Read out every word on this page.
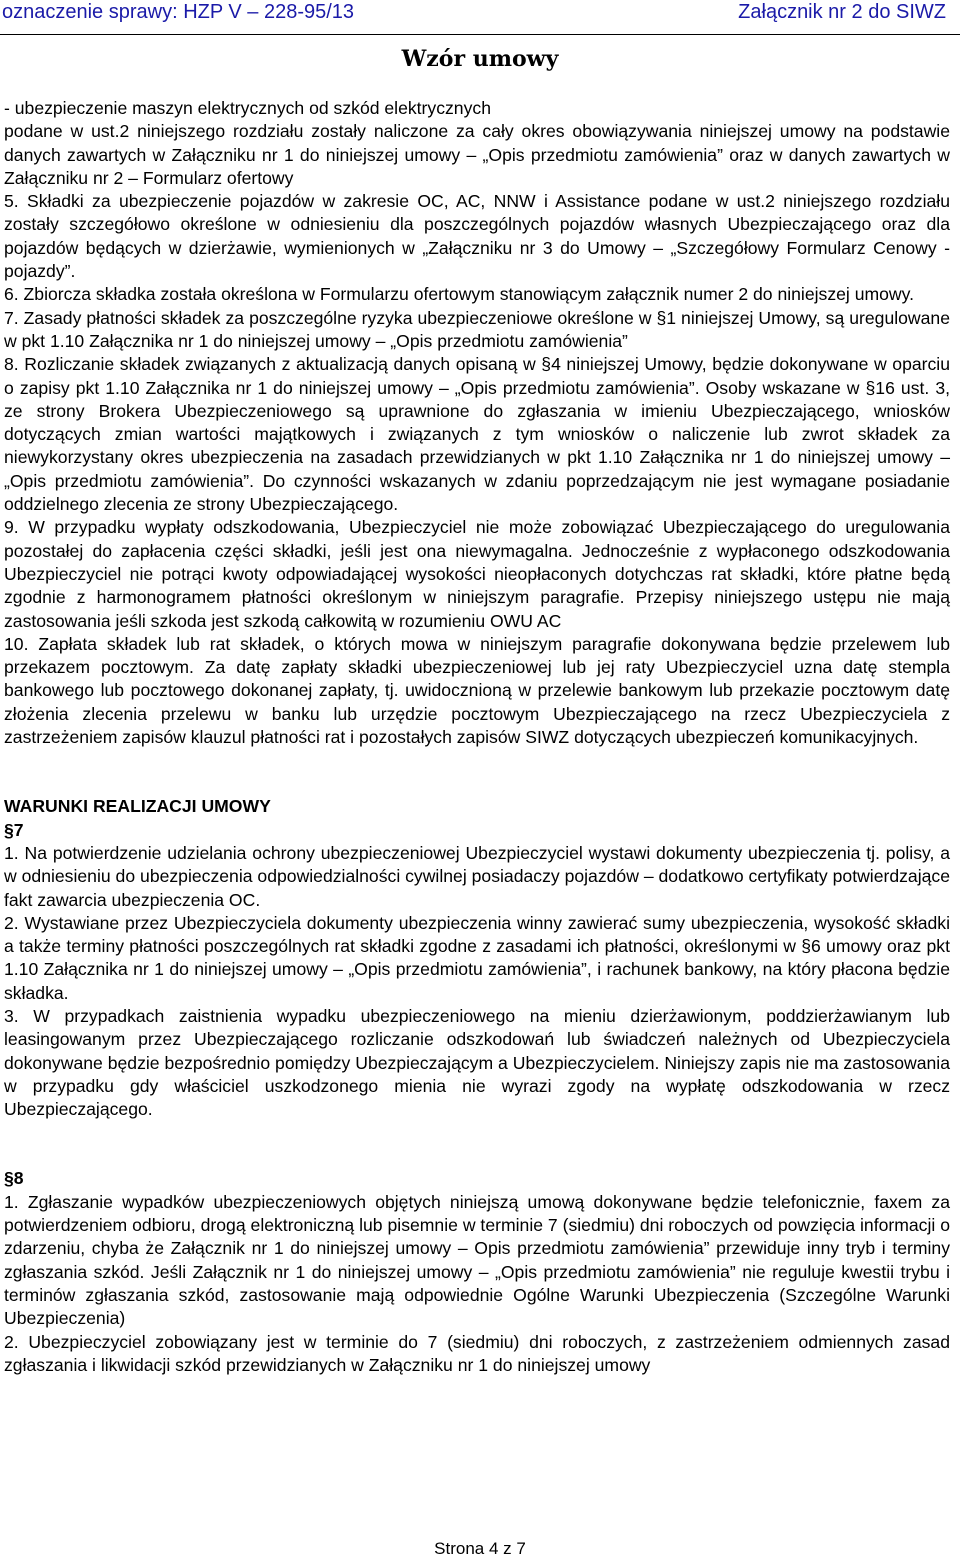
oznaczenie sprawy: HZP V – 228-95/13	Załącznik nr 2 do SIWZ
Wzór umowy

- ubezpieczenie maszyn elektrycznych od szkód elektrycznych

podane w ust.2 niniejszego rozdziału zostały naliczone za cały okres obowiązywania niniejszej umowy na podstawie danych zawartych w Załączniku nr 1 do niniejszej umowy – „Opis przedmiotu zamówienia” oraz w danych zawartych w Załączniku nr 2 – Formularz ofertowy

5. Składki za ubezpieczenie pojazdów w zakresie OC, AC, NNW i Assistance podane w ust.2 niniejszego rozdziału zostały szczegółowo określone w odniesieniu dla poszczególnych pojazdów własnych Ubezpieczającego oraz dla pojazdów będących w dzierżawie, wymienionych w „Załączniku nr 3 do Umowy – „Szczegółowy Formularz Cenowy - pojazdy”.

6. Zbiorcza składka została określona w Formularzu ofertowym stanowiącym załącznik numer 2 do niniejszej umowy.

7. Zasady płatności składek za poszczególne ryzyka ubezpieczeniowe określone w §1 niniejszej Umowy, są uregulowane w pkt 1.10 Załącznika nr 1 do niniejszej umowy – „Opis przedmiotu zamówienia”

8. Rozliczanie składek związanych z aktualizacją danych opisaną w §4 niniejszej Umowy, będzie dokonywane w oparciu o zapisy pkt 1.10 Załącznika nr 1 do niniejszej umowy – „Opis przedmiotu zamówienia”. Osoby wskazane w §16 ust. 3, ze strony Brokera Ubezpieczeniowego są uprawnione do zgłaszania w imieniu Ubezpieczającego, wniosków dotyczących zmian wartości majątkowych i związanych z tym wniosków o naliczenie lub zwrot składek za niewykorzystany okres ubezpieczenia na zasadach przewidzianych w pkt 1.10 Załącznika nr 1 do niniejszej umowy – „Opis przedmiotu zamówienia”. Do czynności wskazanych w zdaniu poprzedzającym nie jest wymagane posiadanie oddzielnego zlecenia ze strony Ubezpieczającego.

9. W przypadku wypłaty odszkodowania, Ubezpieczyciel nie może zobowiązać Ubezpieczającego do uregulowania pozostałej do zapłacenia części składki, jeśli jest ona niewymagalna. Jednocześnie z wypłaconego odszkodowania Ubezpieczyciel nie potrąci kwoty odpowiadającej wysokości nieopłaconych dotychczas rat składki, które płatne będą zgodnie z harmonogramem płatności określonym w niniejszym paragrafie. Przepisy niniejszego ustępu nie mają zastosowania jeśli szkoda jest szkodą całkowitą w rozumieniu OWU AC

10. Zapłata składek lub rat składek, o których mowa w niniejszym paragrafie dokonywana będzie przelewem lub przekazem pocztowym. Za datę zapłaty składki ubezpieczeniowej lub jej raty Ubezpieczyciel uzna datę stempla bankowego lub pocztowego dokonanej zapłaty, tj. uwidocznioną w przelewie bankowym lub przekazie pocztowym datę złożenia zlecenia przelewu w banku lub urzędzie pocztowym Ubezpieczającego na rzecz Ubezpieczyciela z zastrzeżeniem zapisów klauzul płatności rat i pozostałych zapisów SIWZ dotyczących ubezpieczeń komunikacyjnych.

WARUNKI REALIZACJI UMOWY

§7

1. Na potwierdzenie udzielania ochrony ubezpieczeniowej Ubezpieczyciel wystawi dokumenty ubezpieczenia tj. polisy, a w odniesieniu do ubezpieczenia odpowiedzialności cywilnej posiadaczy pojazdów – dodatkowo certyfikaty potwierdzające fakt zawarcia ubezpieczenia OC.

2. Wystawiane przez Ubezpieczyciela dokumenty ubezpieczenia winny zawierać sumy ubezpieczenia, wysokość składki a także terminy płatności poszczególnych rat składki zgodne z zasadami ich płatności, określonymi w §6 umowy oraz pkt 1.10 Załącznika nr 1 do niniejszej umowy – „Opis przedmiotu zamówienia”, i rachunek bankowy, na który płacona będzie składka.

3. W przypadkach zaistnienia wypadku ubezpieczeniowego na mieniu dzierżawionym, poddzierżawianym lub leasingowanym przez Ubezpieczającego rozliczanie odszkodowań lub świadczeń należnych od Ubezpieczyciela dokonywane będzie bezpośrednio pomiędzy Ubezpieczającym a Ubezpieczycielem. Niniejszy zapis nie ma zastosowania w przypadku gdy właściciel uszkodzonego mienia nie wyrazi zgody na wypłatę odszkodowania w rzecz Ubezpieczającego.

§8

1. Zgłaszanie wypadków ubezpieczeniowych objętych niniejszą umową dokonywane będzie telefonicznie, faxem za potwierdzeniem odbioru, drogą elektroniczną lub pisemnie w terminie 7 (siedmiu) dni roboczych od powzięcia informacji o zdarzeniu, chyba że Załącznik nr 1 do niniejszej umowy – Opis przedmiotu zamówienia” przewiduje inny tryb i terminy zgłaszania szkód. Jeśli Załącznik nr 1 do niniejszej umowy – „Opis przedmiotu zamówienia” nie reguluje kwestii trybu i terminów zgłaszania szkód, zastosowanie mają odpowiednie Ogólne Warunki Ubezpieczenia (Szczególne Warunki Ubezpieczenia)

2. Ubezpieczyciel zobowiązany jest w terminie do 7 (siedmiu) dni roboczych, z zastrzeżeniem odmiennych zasad zgłaszania i likwidacji szkód przewidzianych w Załączniku nr 1 do niniejszej umowy

Strona 4 z 7
